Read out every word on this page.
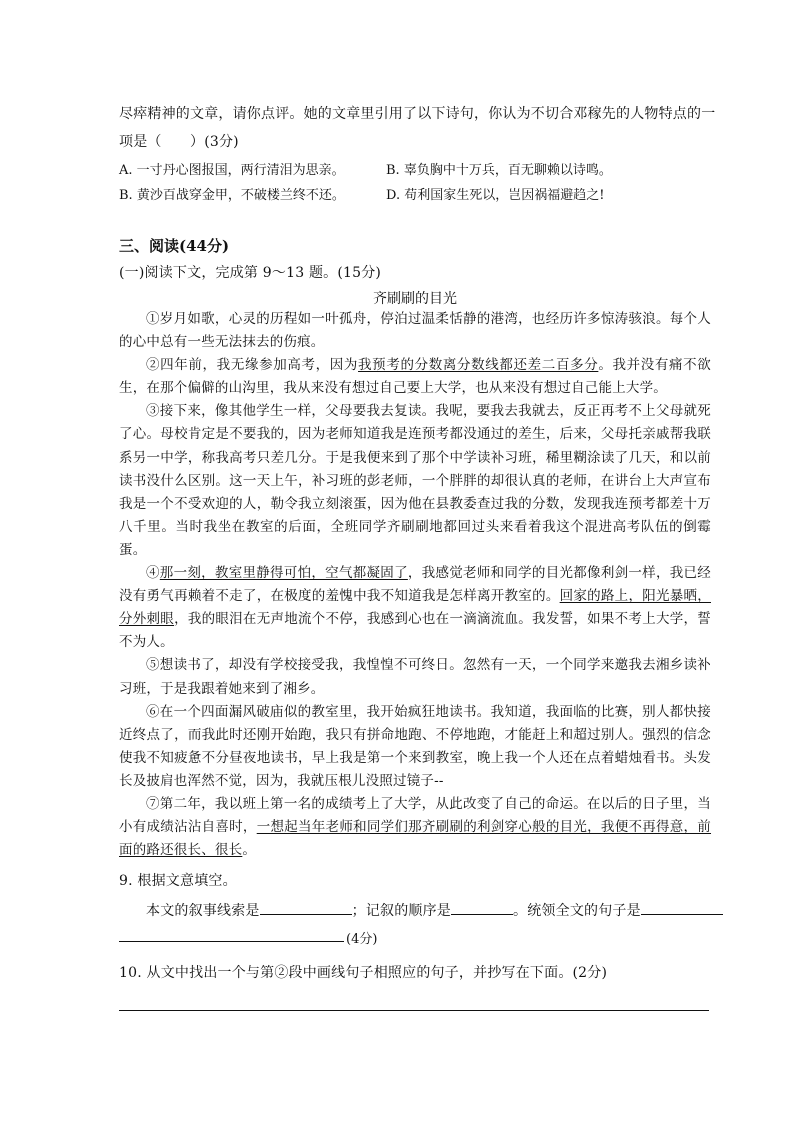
尽瘁精神的文章，请你点评。她的文章里引用了以下诗句，你认为不切合邓稼先的人物特点的一
项是（　　）(3分)
A. 一寸丹心图报国，两行清泪为思亲。	B. 辜负胸中十万兵，百无聊赖以诗鸣。
B. 黄沙百战穿金甲，不破楼兰终不还。	D. 苟利国家生死以，岂因祸福避趋之!
三、阅读(44分)
(一)阅读下文，完成第 9～13 题。(15分)
齐刷刷的目光
①岁月如歌，心灵的历程如一叶孤舟，停泊过温柔恬静的港湾，也经历许多惊涛骇浪。每个人的心中总有一些无法抹去的伤痕。
②四年前，我无缘参加高考，因为我预考的分数离分数线都还差二百多分。我并没有痛不欲生，在那个偏僻的山沟里，我从来没有想过自己要上大学，也从来没有想过自己能上大学。
③接下来，像其他学生一样，父母要我去复读。我呢，要我去我就去，反正再考不上父母就死了心。母校肯定是不要我的，因为老师知道我是连预考都没通过的差生，后来，父母托亲戚帮我联系另一中学，称我高考只差几分。于是我便来到了那个中学读补习班，稀里糊涂读了几天，和以前读书没什么区别。这一天上午，补习班的彭老师，一个胖胖的却很认真的老师，在讲台上大声宣布我是一个不受欢迎的人，勒令我立刻滚蛋，因为他在县教委查过我的分数，发现我连预考都差十万八千里。当时我坐在教室的后面，全班同学齐刷刷地都回过头来看着我这个混进高考队伍的倒霉蛋。
④那一刻，教室里静得可怕，空气都凝固了，我感觉老师和同学的目光都像利剑一样，我已经没有勇气再赖着不走了，在极度的羞愧中我不知道我是怎样离开教室的。回家的路上，阳光暴晒，分外刺眼，我的眼泪在无声地流个不停，我感到心也在一滴滴流血。我发誓，如果不考上大学，誓不为人。
⑤想读书了，却没有学校接受我，我惶惶不可终日。忽然有一天，一个同学来邀我去湘乡读补习班，于是我跟着她来到了湘乡。
⑥在一个四面漏风破庙似的教室里，我开始疯狂地读书。我知道，我面临的比赛，别人都快接近终点了，而我此时还刚开始跑，我只有拼命地跑、不停地跑，才能赶上和超过别人。强烈的信念使我不知疲惫不分昼夜地读书，早上我是第一个来到教室，晚上我一个人还在点着蜡烛看书。头发长及披肩也浑然不觉，因为，我就压根儿没照过镜子--
⑦第二年，我以班上第一名的成绩考上了大学，从此改变了自己的命运。在以后的日子里，当小有成绩沾沾自喜时，一想起当年老师和同学们那齐刷刷的利剑穿心般的目光，我便不再得意，前面的路还很长、很长。
9. 根据文意填空。
本文的叙事线索是	；记叙的顺序是	。统领全文的句子是
(4分)
10. 从文中找出一个与第②段中画线句子相照应的句子，并抄写在下面。(2分)
